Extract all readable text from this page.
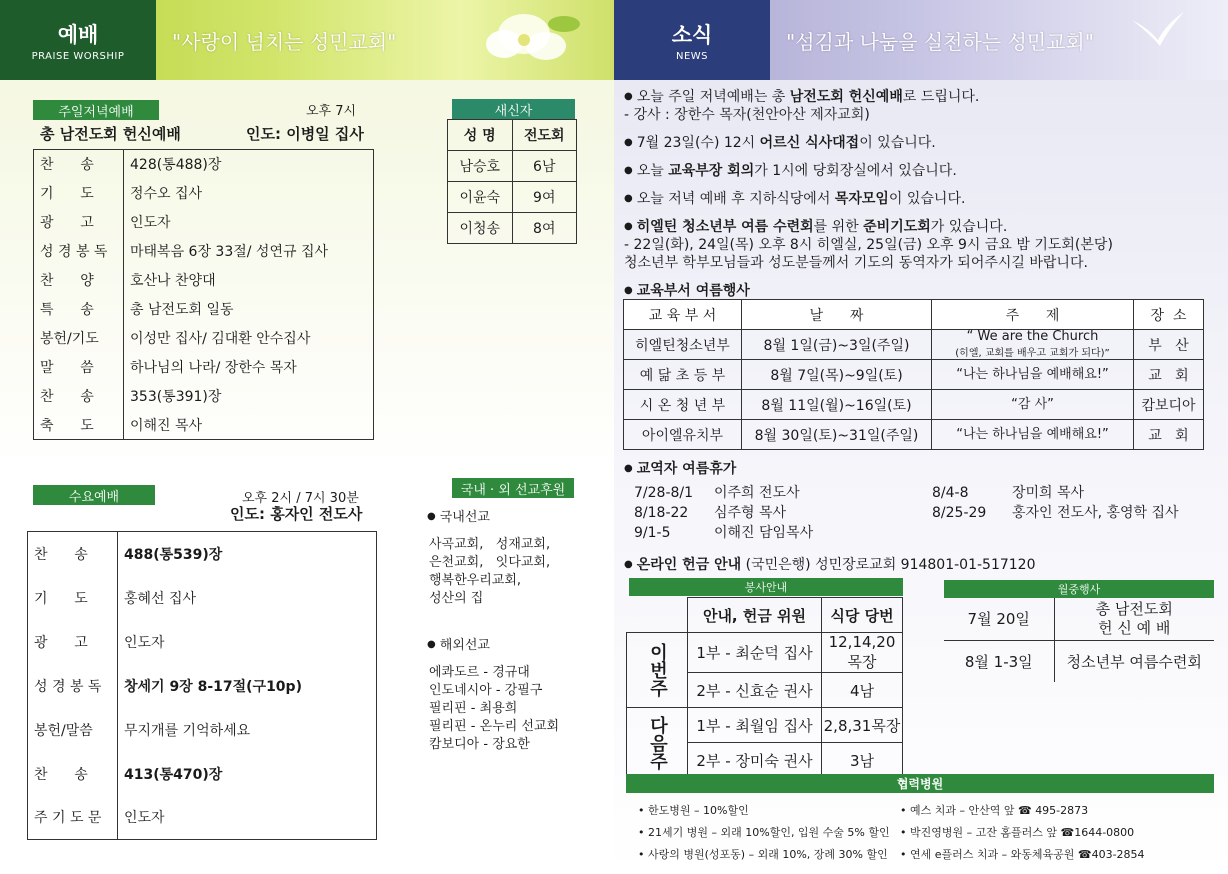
예배
PRAISE WORSHIP
"사랑이 넘치는 성민교회"	소식
NEWS
"섬김과 나눔을 실천하는 성민교회"
주일저녁예배	오후 7시
총 남전도회 헌신예배	인도: 이병일 집사
찬      송	428(통488)장
기      도	정수오 집사
광      고	인도자
성 경 봉 독	마태복음 6장 33절/ 성연규 집사
찬      양	호산나 찬양대
특      송	총 남전도회 일동
봉헌/기도	이성만 집사/ 김대환 안수집사
말      씀	하나님의 나라/ 장한수 목자
찬      송	353(통391)장
축      도	이해진 목사
새신자
성 명	전도회
남승호	6남
이윤숙	9여
이청송	8여
수요예배	오후 2시 / 7시 30분
인도: 홍자인 전도사
찬      송	488(통539)장
기      도	홍혜선 집사
광      고	인도자
성 경 봉 독	창세기 9장 8-17절(구10p)
봉헌/말씀	무지개를 기억하세요
찬      송	413(통470)장
주 기 도 문	인도자
국내 · 외 선교후원
● 국내선교
사곡교회,   성재교회,
은천교회,   잇다교회,
행복한우리교회,
성산의 집
● 해외선교
에콰도르 - 경규대
인도네시아 - 강필구
필리핀 - 최용희
필리핀 - 온누리 선교회
캄보디아 - 장요한
● 오늘 주일 저녁예배는 총 남전도회 헌신예배로 드립니다.
- 강사 : 장한수 목자(천안아산 제자교회)
● 7월 23일(수) 12시 어르신 식사대접이 있습니다.
● 오늘 교육부장 회의가 1시에 당회장실에서 있습니다.
● 오늘 저녁 예배 후 지하식당에서 목자모임이 있습니다.
● 히엘틴 청소년부 여름 수련회를 위한 준비기도회가 있습니다.
- 22일(화), 24일(목) 오후 8시 히엘실, 25일(금) 오후 9시 금요 밤 기도회(본당)
청소년부 학부모님들과 성도분들께서 기도의 동역자가 되어주시길 바랍니다.
● 교육부서 여름행사
교 육 부 서	날      짜	주      제	장  소
히엘틴청소년부	8월 1일(금)~3일(주일)	“ We are the Church
(히엘, 교회를 배우고 교회가 되다)”	부   산
예 닮 초 등 부	8월 7일(목)~9일(토)	“나는 하나님을 예배해요!”	교   회
시 온 청 년 부	8월 11일(월)~16일(토)	“감 사”	캄보디아
아이엘유치부	8월 30일(토)~31일(주일)	“나는 하나님을 예배해요!”	교   회
● 교역자 여름휴가
7/28-8/1 이주희 전도사
8/18-22 심주형 목사
9/1-5	이해진 담임목사
8/4-8	장미희 목사
8/25-29 홍자인 전도사, 홍영학 집사
● 온라인 헌금 안내 (국민은행) 성민장로교회 914801-01-517120
봉사안내
	안내, 헌금 위원	식당 당번
이번주	1부 - 최순덕 집사	12,14,20목장
	2부 - 신효순 권사	4남
다음주	1부 - 최월임 집사	2,8,31목장
	2부 - 장미숙 권사	3남
월중행사
7월 20일	총 남전도회
헌 신 예 배

8월 1-3일	청소년부 여름수련회
협력병원
• 한도병원 – 10%할인
• 21세기 병원 – 외래 10%할인, 입원 수술 5% 할인
• 사랑의 병원(성포동) – 외래 10%, 장례 30% 할인
• 예스 치과 – 안산역 앞 ☎ 495-2873
• 박진영병원 – 고잔 홈플러스 앞 ☎1644-0800
• 연세 e플러스 치과 – 와동체육공원 ☎403-2854
